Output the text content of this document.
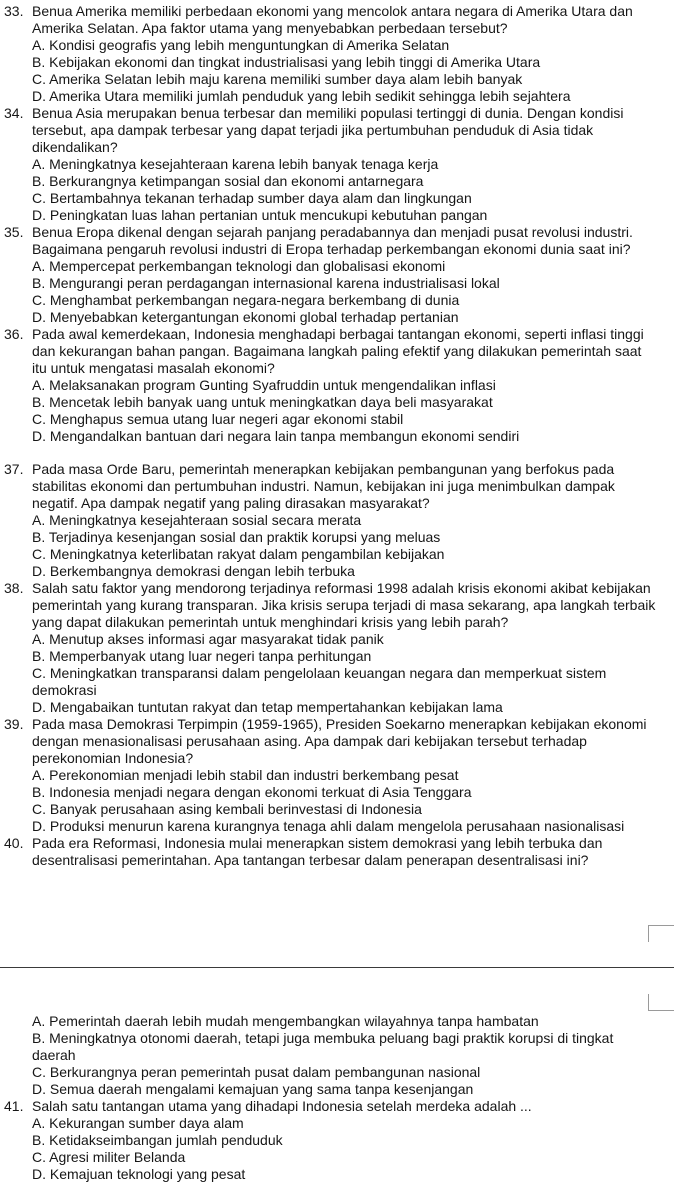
33. Benua Amerika memiliki perbedaan ekonomi yang mencolok antara negara di Amerika Utara dan Amerika Selatan. Apa faktor utama yang menyebabkan perbedaan tersebut?
A. Kondisi geografis yang lebih menguntungkan di Amerika Selatan
B. Kebijakan ekonomi dan tingkat industrialisasi yang lebih tinggi di Amerika Utara
C. Amerika Selatan lebih maju karena memiliki sumber daya alam lebih banyak
D. Amerika Utara memiliki jumlah penduduk yang lebih sedikit sehingga lebih sejahtera
34. Benua Asia merupakan benua terbesar dan memiliki populasi tertinggi di dunia. Dengan kondisi tersebut, apa dampak terbesar yang dapat terjadi jika pertumbuhan penduduk di Asia tidak dikendalikan?
A. Meningkatnya kesejahteraan karena lebih banyak tenaga kerja
B. Berkurangnya ketimpangan sosial dan ekonomi antarnegara
C. Bertambahnya tekanan terhadap sumber daya alam dan lingkungan
D. Peningkatan luas lahan pertanian untuk mencukupi kebutuhan pangan
35. Benua Eropa dikenal dengan sejarah panjang peradabannya dan menjadi pusat revolusi industri. Bagaimana pengaruh revolusi industri di Eropa terhadap perkembangan ekonomi dunia saat ini?
A. Mempercepat perkembangan teknologi dan globalisasi ekonomi
B. Mengurangi peran perdagangan internasional karena industrialisasi lokal
C. Menghambat perkembangan negara-negara berkembang di dunia
D. Menyebabkan ketergantungan ekonomi global terhadap pertanian
36. Pada awal kemerdekaan, Indonesia menghadapi berbagai tantangan ekonomi, seperti inflasi tinggi dan kekurangan bahan pangan. Bagaimana langkah paling efektif yang dilakukan pemerintah saat itu untuk mengatasi masalah ekonomi?
A. Melaksanakan program Gunting Syafruddin untuk mengendalikan inflasi
B. Mencetak lebih banyak uang untuk meningkatkan daya beli masyarakat
C. Menghapus semua utang luar negeri agar ekonomi stabil
D. Mengandalkan bantuan dari negara lain tanpa membangun ekonomi sendiri
37. Pada masa Orde Baru, pemerintah menerapkan kebijakan pembangunan yang berfokus pada stabilitas ekonomi dan pertumbuhan industri. Namun, kebijakan ini juga menimbulkan dampak negatif. Apa dampak negatif yang paling dirasakan masyarakat?
A. Meningkatnya kesejahteraan sosial secara merata
B. Terjadinya kesenjangan sosial dan praktik korupsi yang meluas
C. Meningkatnya keterlibatan rakyat dalam pengambilan kebijakan
D. Berkembangnya demokrasi dengan lebih terbuka
38. Salah satu faktor yang mendorong terjadinya reformasi 1998 adalah krisis ekonomi akibat kebijakan pemerintah yang kurang transparan. Jika krisis serupa terjadi di masa sekarang, apa langkah terbaik yang dapat dilakukan pemerintah untuk menghindari krisis yang lebih parah?
A. Menutup akses informasi agar masyarakat tidak panik
B. Memperbanyak utang luar negeri tanpa perhitungan
C. Meningkatkan transparansi dalam pengelolaan keuangan negara dan memperkuat sistem demokrasi
D. Mengabaikan tuntutan rakyat dan tetap mempertahankan kebijakan lama
39. Pada masa Demokrasi Terpimpin (1959-1965), Presiden Soekarno menerapkan kebijakan ekonomi dengan menasionalisasi perusahaan asing. Apa dampak dari kebijakan tersebut terhadap perekonomian Indonesia?
A. Perekonomian menjadi lebih stabil dan industri berkembang pesat
B. Indonesia menjadi negara dengan ekonomi terkuat di Asia Tenggara
C. Banyak perusahaan asing kembali berinvestasi di Indonesia
D. Produksi menurun karena kurangnya tenaga ahli dalam mengelola perusahaan nasionalisasi
40. Pada era Reformasi, Indonesia mulai menerapkan sistem demokrasi yang lebih terbuka dan desentralisasi pemerintahan. Apa tantangan terbesar dalam penerapan desentralisasi ini?
A. Pemerintah daerah lebih mudah mengembangkan wilayahnya tanpa hambatan
B. Meningkatnya otonomi daerah, tetapi juga membuka peluang bagi praktik korupsi di tingkat daerah
C. Berkurangnya peran pemerintah pusat dalam pembangunan nasional
D. Semua daerah mengalami kemajuan yang sama tanpa kesenjangan
41. Salah satu tantangan utama yang dihadapi Indonesia setelah merdeka adalah ...
A. Kekurangan sumber daya alam
B. Ketidakseimbangan jumlah penduduk
C. Agresi militer Belanda
D. Kemajuan teknologi yang pesat
